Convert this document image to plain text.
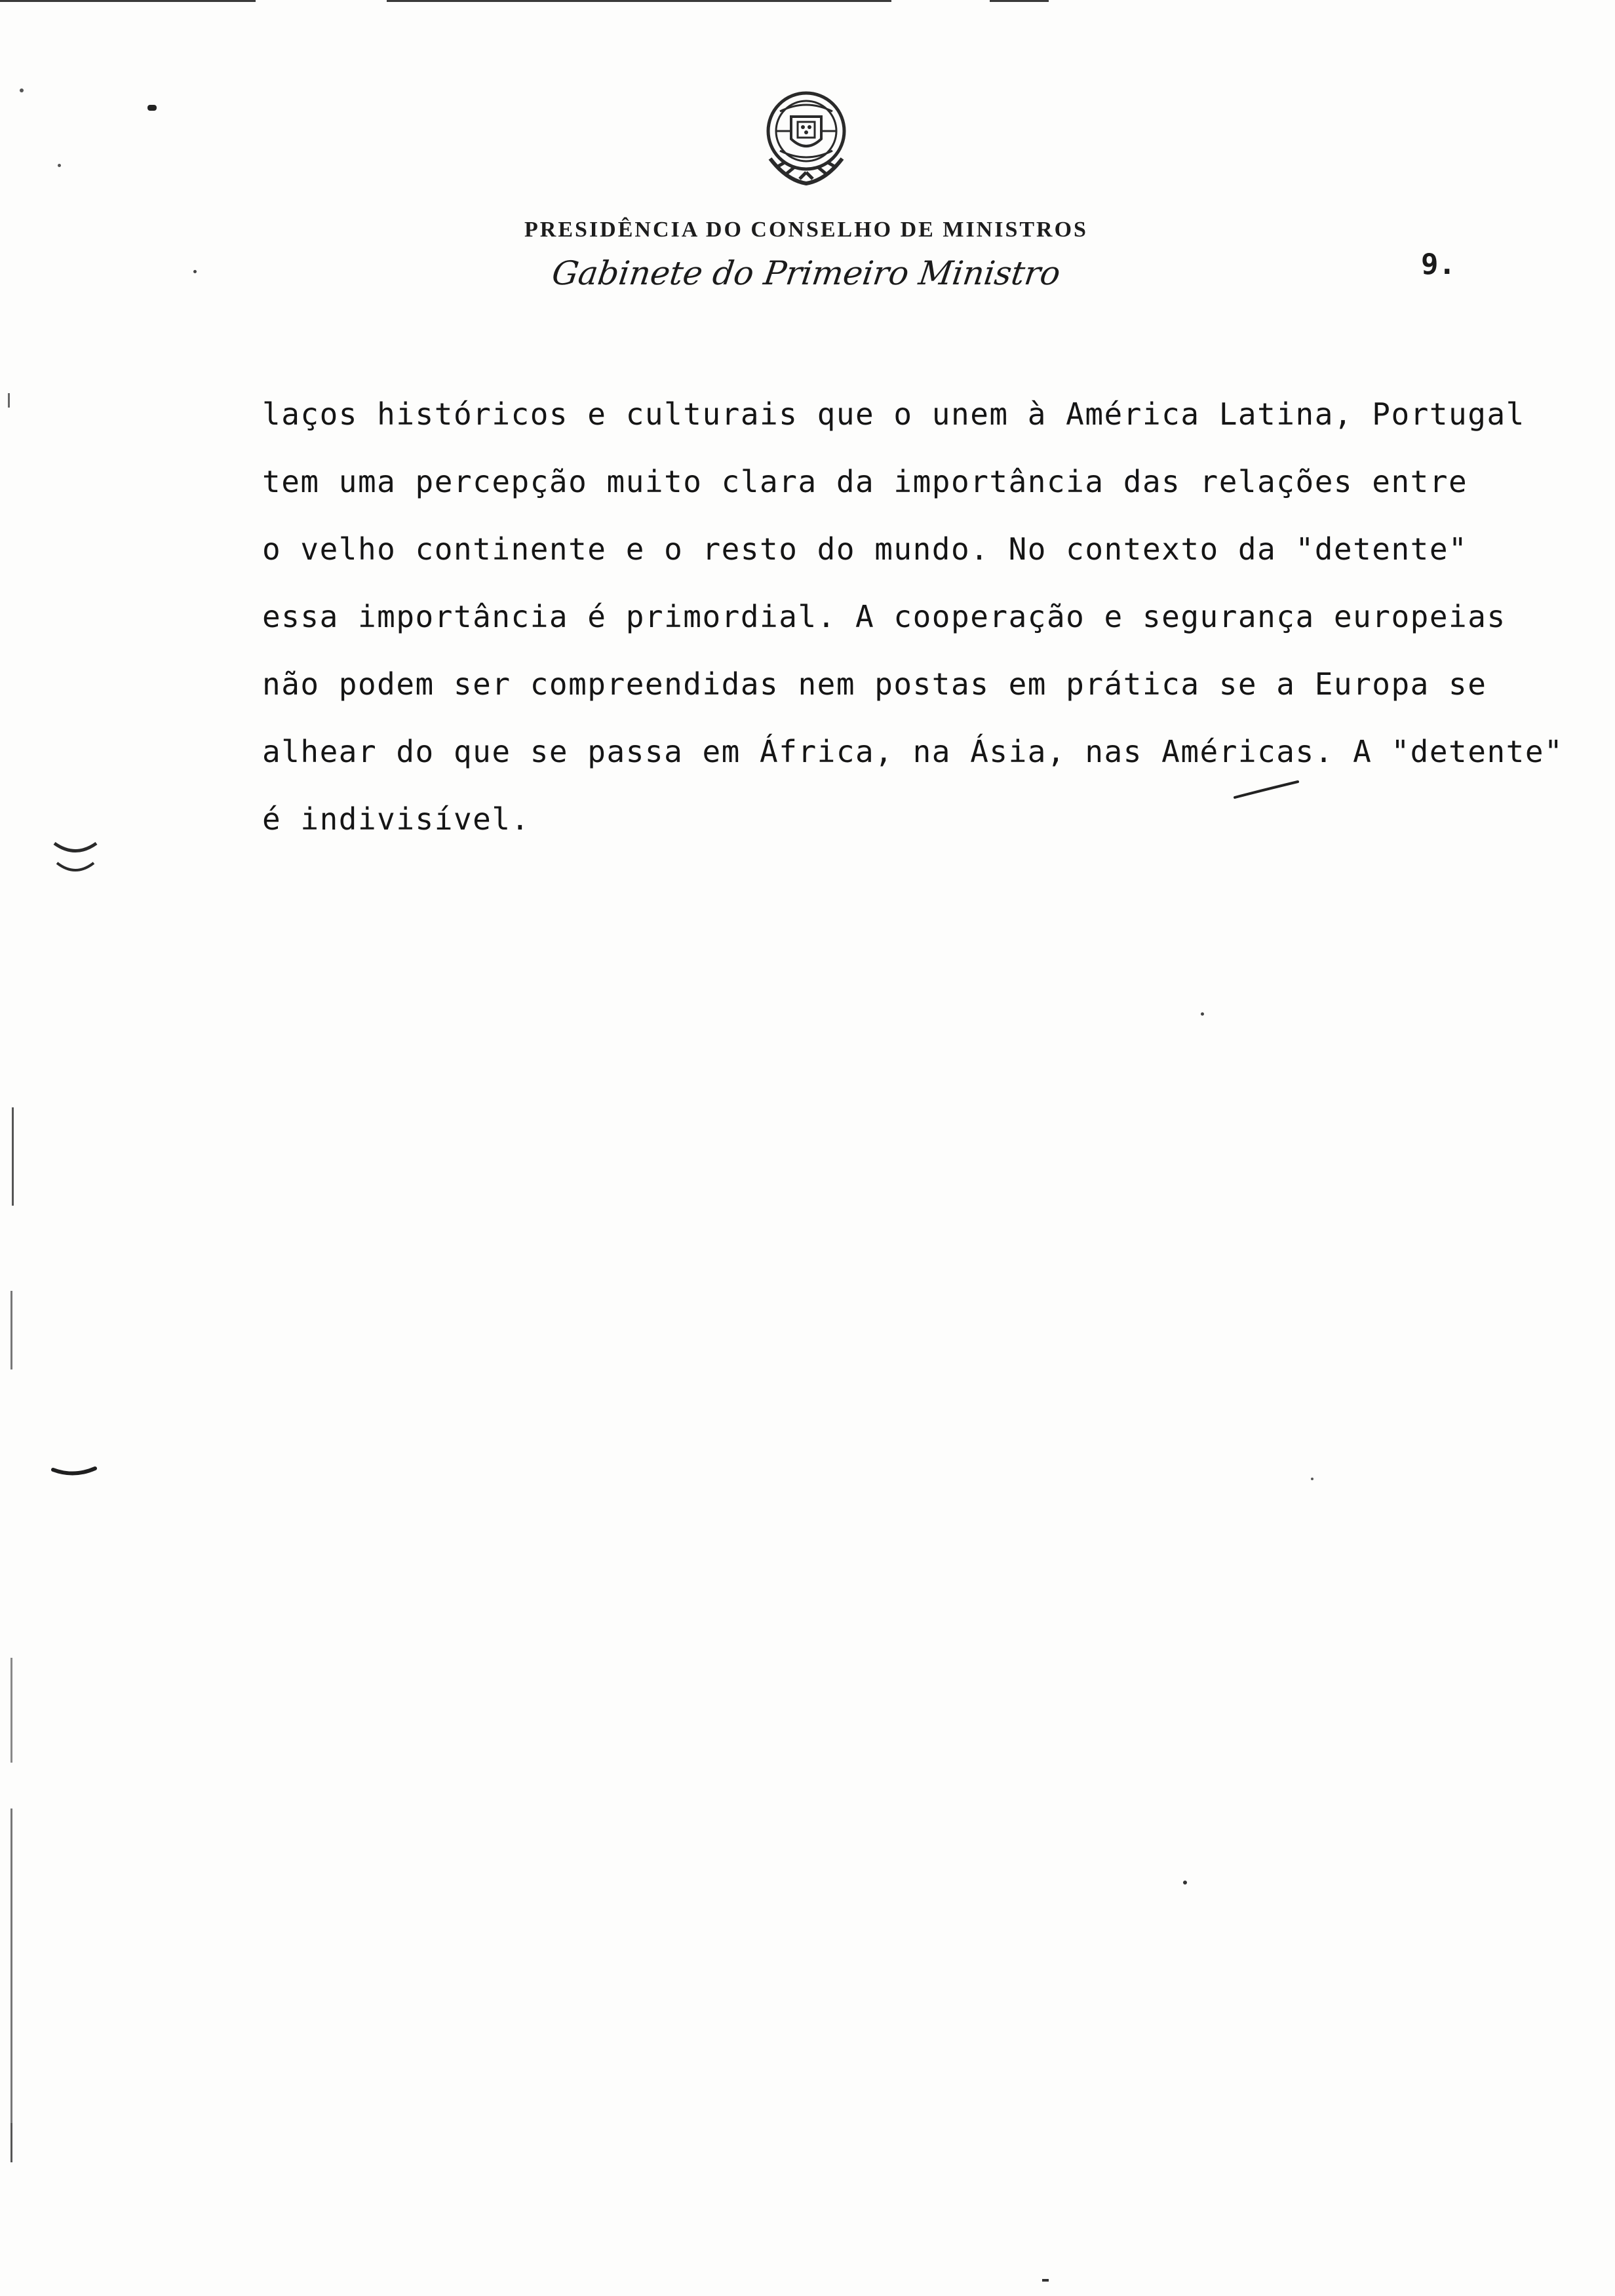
PRESIDÊNCIA DO CONSELHO DE MINISTROS
Gabinete do Primeiro Ministro	9.
laços históricos e culturais que o unem à América Latina, Portugal
tem uma percepção muito clara da importância das relações entre
o velho continente e o resto do mundo. No contexto da "detente"
essa importância é primordial. A cooperação e segurança europeias
não podem ser compreendidas nem postas em prática se a Europa se
alhear do que se passa em África, na Ásia, nas Américas. A "detente"
é indivisível.
